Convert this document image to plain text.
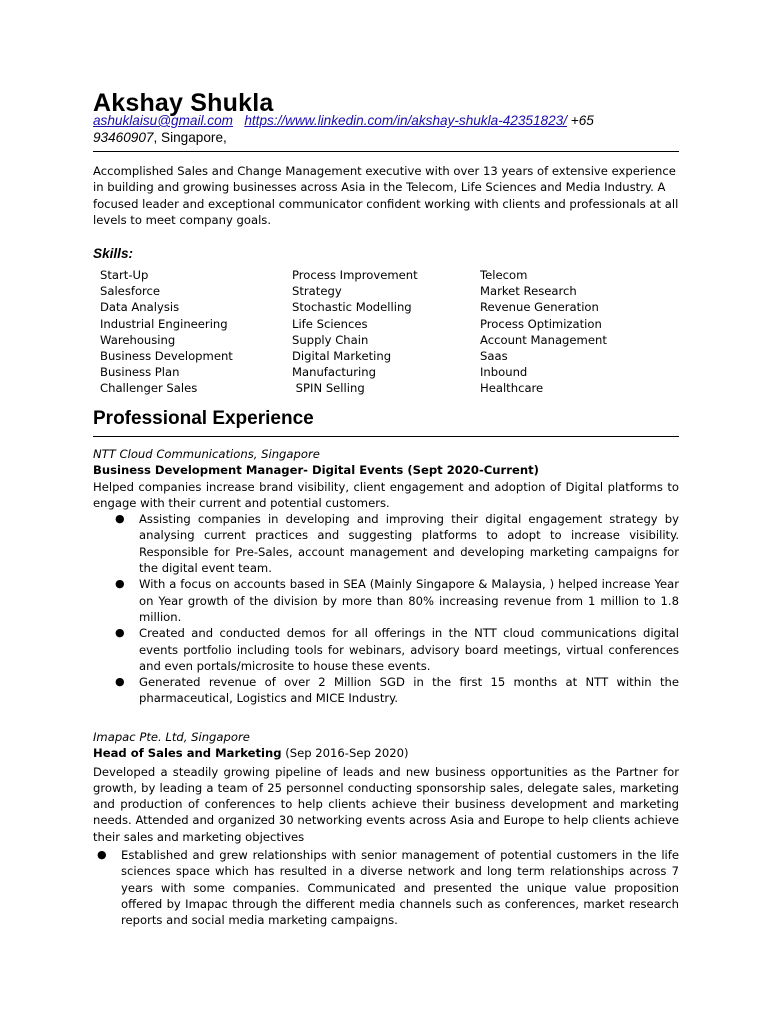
Akshay Shukla
ashuklaisu@gmail.com https://www.linkedin.com/in/akshay-shukla-42351823/ +65
93460907, Singapore,
Accomplished Sales and Change Management executive with over 13 years of extensive experience in building and growing businesses across Asia in the Telecom, Life Sciences and Media Industry. A focused leader and exceptional communicator confident working with clients and professionals at all levels to meet company goals.
Skills:
Start-Up
Salesforce
Data Analysis
Industrial Engineering
Warehousing
Business Development
Business Plan
Challenger Sales
Process Improvement
Strategy
Stochastic Modelling
Life Sciences
Supply Chain
Digital Marketing
Manufacturing
SPIN Selling
Telecom
Market Research
Revenue Generation
Process Optimization
Account Management
Saas
Inbound
Healthcare
Professional Experience
NTT Cloud Communications, Singapore
Business Development Manager- Digital Events (Sept 2020-Current)
Helped companies increase brand visibility, client engagement and adoption of Digital platforms to engage with their current and potential customers.
● Assisting companies in developing and improving their digital engagement strategy by analysing current practices and suggesting platforms to adopt to increase visibility. Responsible for Pre-Sales, account management and developing marketing campaigns for the digital event team.
● With a focus on accounts based in SEA (Mainly Singapore & Malaysia, ) helped increase Year on Year growth of the division by more than 80% increasing revenue from 1 million to 1.8 million.
● Created and conducted demos for all offerings in the NTT cloud communications digital events portfolio including tools for webinars, advisory board meetings, virtual conferences and even portals/microsite to house these events.
● Generated revenue of over 2 Million SGD in the first 15 months at NTT within the pharmaceutical, Logistics and MICE Industry.
Imapac Pte. Ltd, Singapore
Head of Sales and Marketing (Sep 2016-Sep 2020)
Developed a steadily growing pipeline of leads and new business opportunities as the Partner for growth, by leading a team of 25 personnel conducting sponsorship sales, delegate sales, marketing and production of conferences to help clients achieve their business development and marketing needs. Attended and organized 30 networking events across Asia and Europe to help clients achieve their sales and marketing objectives
● Established and grew relationships with senior management of potential customers in the life sciences space which has resulted in a diverse network and long term relationships across 7 years with some companies. Communicated and presented the unique value proposition offered by Imapac through the different media channels such as conferences, market research reports and social media marketing campaigns.
